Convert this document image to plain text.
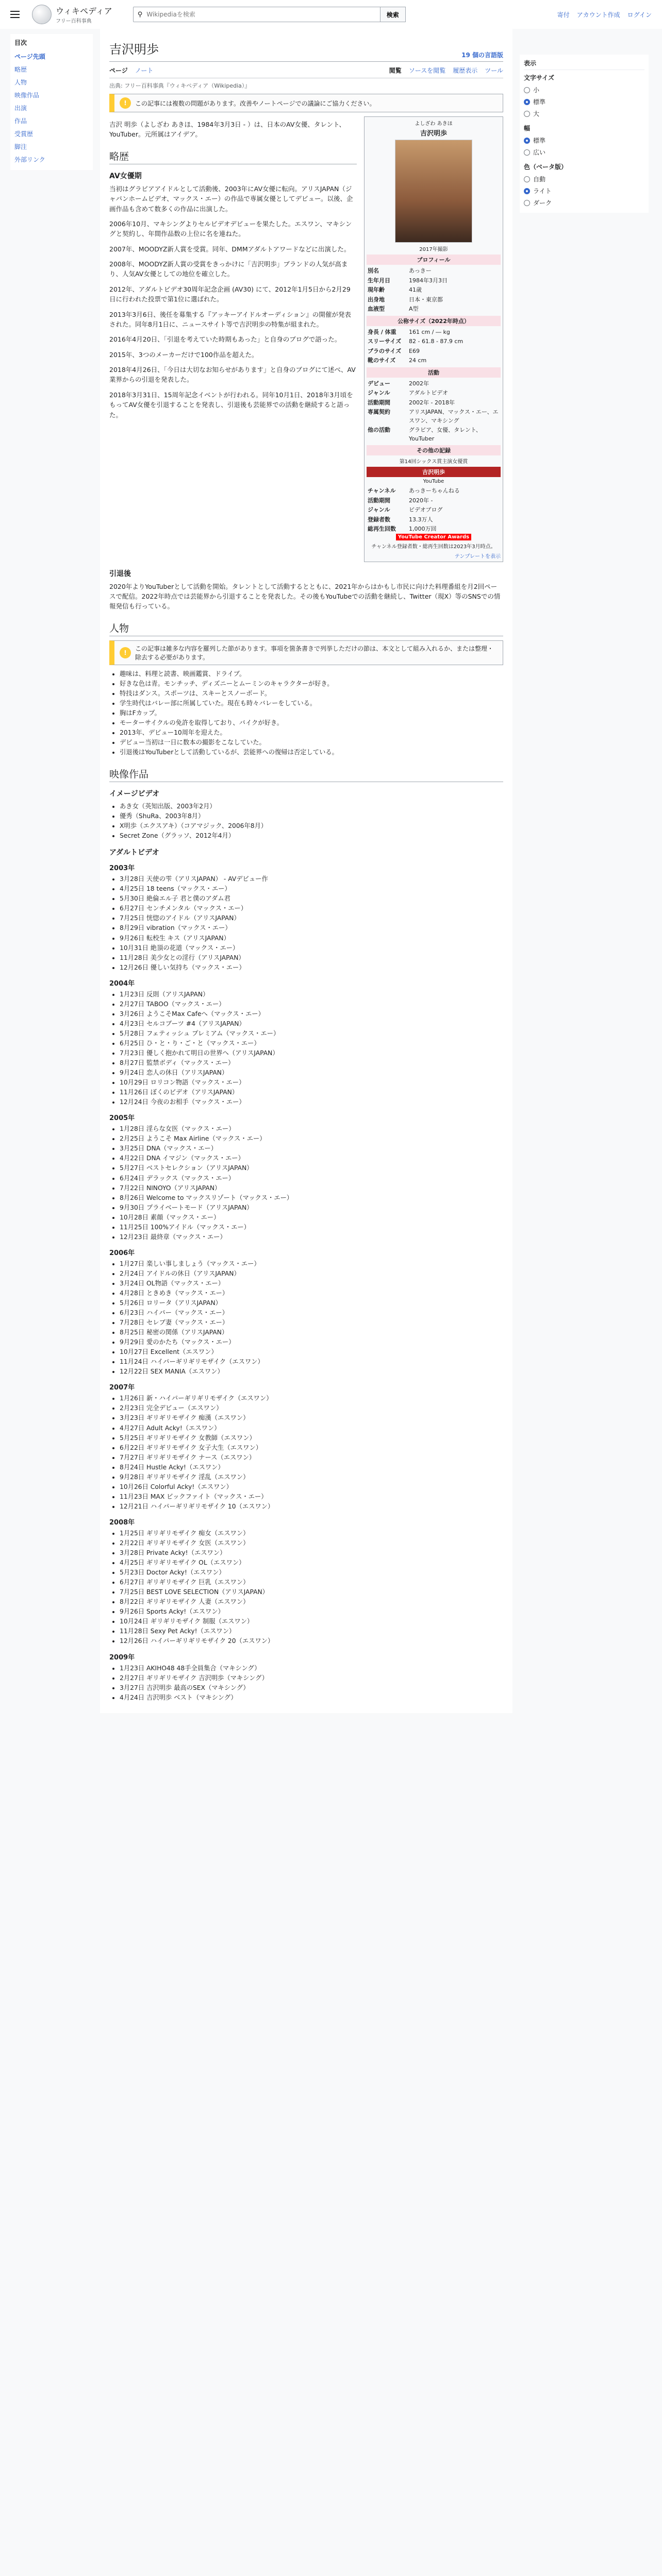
ウィキペディア
フリー百科事典
⚲
Wikipediaを検索	検索	寄付 アカウント作成 ログイン
目次
ページ先頭
略歴
人物
映像作品
出演
作品
受賞歴
脚注
外部リンク
吉沢明歩	19 個の言語版
ページ ノート	閲覧 ソースを閲覧 履歴表示 ツール
出典: フリー百科事典『ウィキペディア（Wikipedia）』
!	この記事には複数の問題があります。改善やノートページでの議論にご協力ください。

吉沢 明歩（よしざわ あきほ、1984年3月3日 - ）は、日本のAV女優、タレント、YouTuber。元所属はアイデア。

略歴
AV女優期

当初はグラビアアイドルとして活動後、2003年にAV女優に転向。アリスJAPAN（ジャパンホームビデオ、マックス・エー）の作品で専属女優としてデビュー。以後、企画作品も含めて数多くの作品に出演した。

2006年10月、マキシングよりセルビデオデビューを果たした。エスワン、マキシングと契約し、年間作品数の上位に名を連ねた。

2007年、MOODYZ新人賞を受賞。同年、DMMアダルトアワードなどに出演した。

2008年、MOODYZ新人賞の受賞をきっかけに「吉沢明歩」ブランドの人気が高まり、人気AV女優としての地位を確立した。

2012年、アダルトビデオ30周年記念企画 (AV30) にて、2012年1月5日から2月29日に行われた投票で第1位に選ばれた。

2013年3月6日、後任を募集する『アッキーアイドルオーディション』の開催が発表された。同年8月1日に、ニュースサイト等で吉沢明歩の特集が組まれた。

2016年4月20日、「引退を考えていた時期もあった」と自身のブログで語った。

2015年、3つのメーカーだけで100作品を超えた。

2018年4月26日、「今日は大切なお知らせがあります」と自身のブログにて述べ、AV業界からの引退を発表した。

2018年3月31日、15周年記念イベントが行われる。同年10月1日、2018年3月頃をもってAV女優を引退することを発表し、引退後も芸能界での活動を継続すると語った。

よしざわ あきほ
吉沢明歩
2017年撮影
プロフィール
別名	あっきー
生年月日	1984年3月3日
現年齢	41歳
出身地	日本・東京都
血液型	A型
公称サイズ（2022年時点）
身長 / 体重	161 cm / ― kg
スリーサイズ	82 - 61.8 - 87.9 cm
ブラのサイズ	E69
靴のサイズ	24 cm
活動
デビュー	2002年
ジャンル	アダルトビデオ
活動期間	2002年 - 2018年
専属契約	アリスJAPAN、マックス・エー、エスワン、マキシング
他の活動	グラビア、女優、タレント、YouTuber
その他の記録
第14回シックス賞主演女優賞
吉沢明歩
YouTube
チャンネル	あっきーちゃんねる
活動期間	2020年 -
ジャンル	ビデオブログ
登録者数	13.3万人
総再生回数	1,000万回
YouTube Creator Awards
チャンネル登録者数・総再生回数は2023年3月時点。
テンプレートを表示
引退後

2020年よりYouTuberとして活動を開始。タレントとして活動するとともに、2021年からはかもし市民に向けた料理番組を月2回ペースで配信。2022年時点では芸能界から引退することを発表した。その後もYouTubeでの活動を継続し、Twitter（現X）等のSNSでの情報発信も行っている。

人物
!
この記事は雑多な内容を羅列した節があります。事項を箇条書きで列挙しただけの節は、本文として組み入れるか、または整理・除去する必要があります。
• 趣味は、料理と読書、映画鑑賞、ドライブ。
• 好きな色は青。モンチッチ、ディズニーとムーミンのキャラクターが好き。
• 特技はダンス。スポーツは、スキーとスノーボード。
• 学生時代はバレー部に所属していた。現在も時々バレーをしている。
• 胸はFカップ。
• モーターサイクルの免許を取得しており、バイクが好き。
• 2013年、デビュー10周年を迎えた。
• デビュー当初は一日に数本の撮影をこなしていた。
• 引退後はYouTuberとして活動しているが、芸能界への復帰は否定している。
映像作品
イメージビデオ
• あき女（英知出版、2003年2月）
• 優秀（ShuRa、2003年8月）
• X明歩（エクスアキ）（コアマジック、2006年8月）
• Secret Zone（グラッソ、2012年4月）
アダルトビデオ
2003年
• 3月28日 天使の雫（アリスJAPAN） - AVデビュー作
• 4月25日 18 teens（マックス・エー）
• 5月30日 絶倫エル子 君と僕のアダム君
• 6月27日 センチメンタル（マックス・エー）
• 7月25日 恍惚のアイドル（アリスJAPAN）
• 8月29日 vibration（マックス・エー）
• 9月26日 転校生 キス（アリスJAPAN）
• 10月31日 絶頂の花道（マックス・エー）
• 11月28日 美少女との淫行（アリスJAPAN）
• 12月26日 優しい気持ち（マックス・エー）
2004年
• 1月23日 反則（アリスJAPAN）
• 2月27日 TABOO（マックス・エー）
• 3月26日 ようこそMax Cafeへ（マックス・エー）
• 4月23日 セルコブーツ #4（アリスJAPAN）
• 5月28日 フェティッシュ プレミアム（マックス・エー）
• 6月25日 ひ・と・り・ご・と（マックス・エー）
• 7月23日 優しく抱かれて明日の世界へ（アリスJAPAN）
• 8月27日 監禁ボディ（マックス・エー）
• 9月24日 恋人の休日（アリスJAPAN）
• 10月29日 ロリコン物語（マックス・エー）
• 11月26日 ぼくのビデオ（アリスJAPAN）
• 12月24日 今夜のお相手（マックス・エー）
2005年
• 1月28日 淫らな女医（マックス・エー）
• 2月25日 ようこそ Max Airline（マックス・エー）
• 3月25日 DNA（マックス・エー）
• 4月22日 DNA イマジン（マックス・エー）
• 5月27日 ベストセレクション（アリスJAPAN）
• 6月24日 デラックス（マックス・エー）
• 7月22日 NINOYO（アリスJAPAN）
• 8月26日 Welcome to マックスリゾート（マックス・エー）
• 9月30日 プライベートモード（アリスJAPAN）
• 10月28日 素顔（マックス・エー）
• 11月25日 100%アイドル（マックス・エー）
• 12月23日 最終章（マックス・エー）
2006年
• 1月27日 楽しい事しましょう（マックス・エー）
• 2月24日 アイドルの休日（アリスJAPAN）
• 3月24日 OL物語（マックス・エー）
• 4月28日 ときめき（マックス・エー）
• 5月26日 ロリータ（アリスJAPAN）
• 6月23日 ハイパー（マックス・エー）
• 7月28日 セレブ妻（マックス・エー）
• 8月25日 秘密の関係（アリスJAPAN）
• 9月29日 愛のかたち（マックス・エー）
• 10月27日 Excellent（エスワン）
• 11月24日 ハイパーギリギリモザイク（エスワン）
• 12月22日 SEX MANIA（エスワン）
2007年
• 1月26日 新・ハイパーギリギリモザイク（エスワン）
• 2月23日 完全デビュー（エスワン）
• 3月23日 ギリギリモザイク 痴漢（エスワン）
• 4月27日 Adult Acky!（エスワン）
• 5月25日 ギリギリモザイク 女教師（エスワン）
• 6月22日 ギリギリモザイク 女子大生（エスワン）
• 7月27日 ギリギリモザイク ナース（エスワン）
• 8月24日 Hustle Acky!（エスワン）
• 9月28日 ギリギリモザイク 淫乱（エスワン）
• 10月26日 Colorful Acky!（エスワン）
• 11月23日 MAX ビックファイト（マックス・エー）
• 12月21日 ハイパーギリギリモザイク 10（エスワン）
2008年
• 1月25日 ギリギリモザイク 痴女（エスワン）
• 2月22日 ギリギリモザイク 女医（エスワン）
• 3月28日 Private Acky!（エスワン）
• 4月25日 ギリギリモザイク OL（エスワン）
• 5月23日 Doctor Acky!（エスワン）
• 6月27日 ギリギリモザイク 巨乳（エスワン）
• 7月25日 BEST LOVE SELECTION（アリスJAPAN）
• 8月22日 ギリギリモザイク 人妻（エスワン）
• 9月26日 Sports Acky!（エスワン）
• 10月24日 ギリギリモザイク 制服（エスワン）
• 11月28日 Sexy Pet Acky!（エスワン）
• 12月26日 ハイパーギリギリモザイク 20（エスワン）
2009年
• 1月23日 AKIHO48 48手全員集合（マキシング）
• 2月27日 ギリギリモザイク 吉沢明歩（マキシング）
• 3月27日 吉沢明歩 最高のSEX（マキシング）
• 4月24日 吉沢明歩 ベスト（マキシング）
表示
文字サイズ
小
標準
大
幅
標準
広い
色（ベータ版）
自動
ライト
ダーク
